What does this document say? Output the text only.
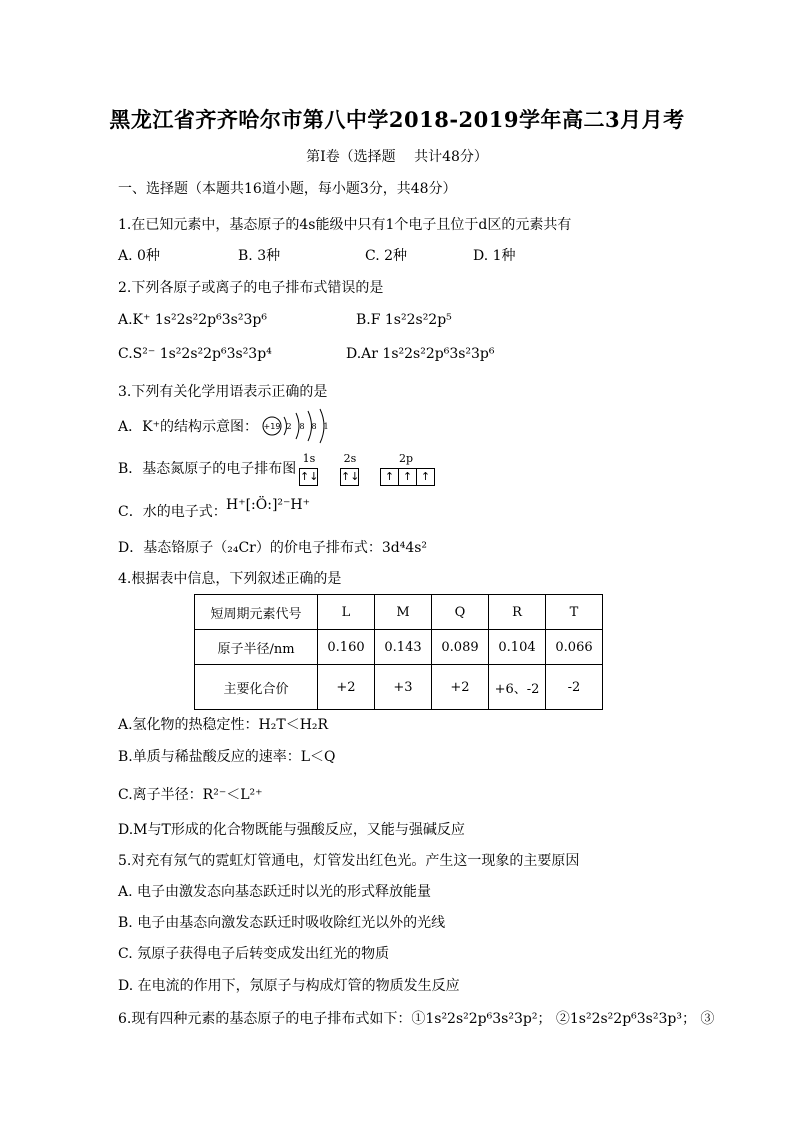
黑龙江省齐齐哈尔市第八中学2018-2019学年高二3月月考
第I卷（选择题　 共计48分）
一、选择题（本题共16道小题，每小题3分，共48分）
1.在已知元素中，基态原子的4s能级中只有1个电子且位于d区的元素共有
A. 0种	B. 3种	C. 2种	D. 1种
2.下列各原子或离子的电子排布式错误的是
A.K⁺ 1s²2s²2p⁶3s²3p⁶	B.F 1s²2s²2p⁵
C.S²⁻ 1s²2s²2p⁶3s²3p⁴	D.Ar 1s²2s²2p⁶3s²3p⁶
3.下列有关化学用语表示正确的是
A．K⁺的结构示意图： +19 2 8 8 1
B．基态氮原子的电子排布图
1s
↑↓
2s
↑↓
2p
↑ ↑ ↑
C．水的电子式： H⁺[:Ö:]²⁻H⁺
D．基态铬原子（₂₄Cr）的价电子排布式：3d⁴4s²
4.根据表中信息，下列叙述正确的是
短周期元素代号	L	M	Q	R	T
原子半径/nm	0.160	0.143	0.089	0.104	0.066
主要化合价	+2	+3	+2	+6、-2	-2
A.氢化物的热稳定性：H₂T＜H₂R
B.单质与稀盐酸反应的速率：L＜Q
C.离子半径：R²⁻＜L²⁺
D.M与T形成的化合物既能与强酸反应，又能与强碱反应
5.对充有氖气的霓虹灯管通电，灯管发出红色光。产生这一现象的主要原因
A. 电子由激发态向基态跃迁时以光的形式释放能量
B. 电子由基态向激发态跃迁时吸收除红光以外的光线
C. 氖原子获得电子后转变成发出红光的物质
D. 在电流的作用下，氖原子与构成灯管的物质发生反应
6.现有四种元素的基态原子的电子排布式如下：①1s²2s²2p⁶3s²3p²； ②1s²2s²2p⁶3s²3p³； ③
